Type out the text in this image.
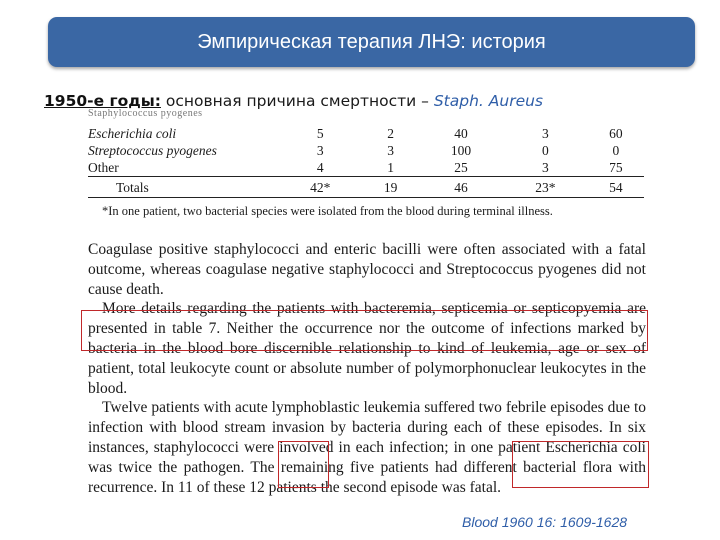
Эмпирическая терапия ЛНЭ: история
1950-е годы: основная причина смертности – Staph. Aureus
Staphylococcus pyogenes
Escherichia coli	5	2	40	3	60
Streptococcus pyogenes	3	3	100	0	0
Other	4	1	25	3	75
Totals	42*	19	46	23*	54
*In one patient, two bacterial species were isolated from the blood during terminal illness.

Coagulase positive staphylococci and enteric bacilli were often associated with a fatal outcome, whereas coagulase negative staphylococci and Streptococcus pyogenes did not cause death.

More details regarding the patients with bacteremia, septicemia or septicopyemia are presented in table 7. Neither the occurrence nor the outcome of infections marked by bacteria in the blood bore discernible relationship to kind of leukemia, age or sex of patient, total leukocyte count or absolute number of polymorphonuclear leukocytes in the blood.

Twelve patients with acute lymphoblastic leukemia suffered two febrile episodes due to infection with blood stream invasion by bacteria during each of these episodes. In six instances, staphylococci were involved in each infection; in one patient Escherichia coli was twice the pathogen. The remaining five patients had different bacterial flora with recurrence. In 11 of these 12 patients the second episode was fatal.

Blood 1960 16: 1609-1628
